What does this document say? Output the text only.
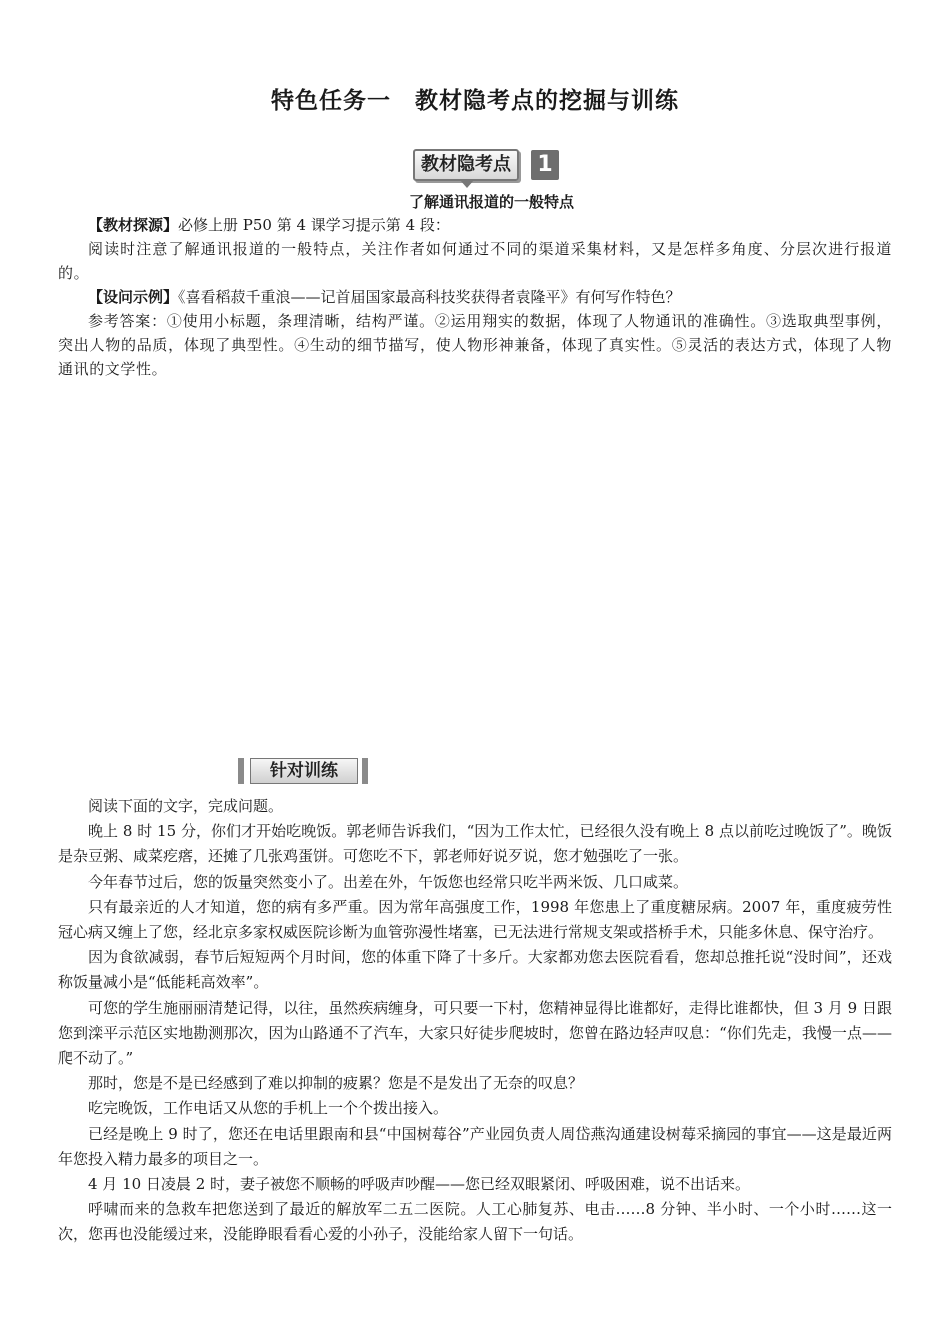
特色任务一　教材隐考点的挖掘与训练
教材隐考点	1
了解通讯报道的一般特点

【教材探源】必修上册 P50 第 4 课学习提示第 4 段：

阅读时注意了解通讯报道的一般特点，关注作者如何通过不同的渠道采集材料，又是怎样多角度、分层次进行报道的。

【设问示例】《喜看稻菽千重浪——记首届国家最高科技奖获得者袁隆平》有何写作特色？

参考答案：①使用小标题，条理清晰，结构严谨。②运用翔实的数据，体现了人物通讯的准确性。③选取典型事例，突出人物的品质，体现了典型性。④生动的细节描写，使人物形神兼备，体现了真实性。⑤灵活的表达方式，体现了人物通讯的文学性。

针对训练

阅读下面的文字，完成问题。

晚上 8 时 15 分，你们才开始吃晚饭。郭老师告诉我们，“因为工作太忙，已经很久没有晚上 8 点以前吃过晚饭了”。晚饭是杂豆粥、咸菜疙瘩，还摊了几张鸡蛋饼。可您吃不下，郭老师好说歹说，您才勉强吃了一张。

今年春节过后，您的饭量突然变小了。出差在外，午饭您也经常只吃半两米饭、几口咸菜。

只有最亲近的人才知道，您的病有多严重。因为常年高强度工作，1998 年您患上了重度糖尿病。2007 年，重度疲劳性冠心病又缠上了您，经北京多家权威医院诊断为血管弥漫性堵塞，已无法进行常规支架或搭桥手术，只能多休息、保守治疗。

因为食欲减弱，春节后短短两个月时间，您的体重下降了十多斤。大家都劝您去医院看看，您却总推托说“没时间”，还戏称饭量减小是“低能耗高效率”。

可您的学生施丽丽清楚记得，以往，虽然疾病缠身，可只要一下村，您精神显得比谁都好，走得比谁都快，但 3 月 9 日跟您到滦平示范区实地勘测那次，因为山路通不了汽车，大家只好徒步爬坡时，您曾在路边轻声叹息：“你们先走，我慢一点——爬不动了。”

那时，您是不是已经感到了难以抑制的疲累？您是不是发出了无奈的叹息？

吃完晚饭，工作电话又从您的手机上一个个拨出接入。

已经是晚上 9 时了，您还在电话里跟南和县“中国树莓谷”产业园负责人周岱燕沟通建设树莓采摘园的事宜——这是最近两年您投入精力最多的项目之一。

4 月 10 日凌晨 2 时，妻子被您不顺畅的呼吸声吵醒——您已经双眼紧闭、呼吸困难，说不出话来。

呼啸而来的急救车把您送到了最近的解放军二五二医院。人工心肺复苏、电击……8 分钟、半小时、一个小时……这一次，您再也没能缓过来，没能睁眼看看心爱的小孙子，没能给家人留下一句话。
